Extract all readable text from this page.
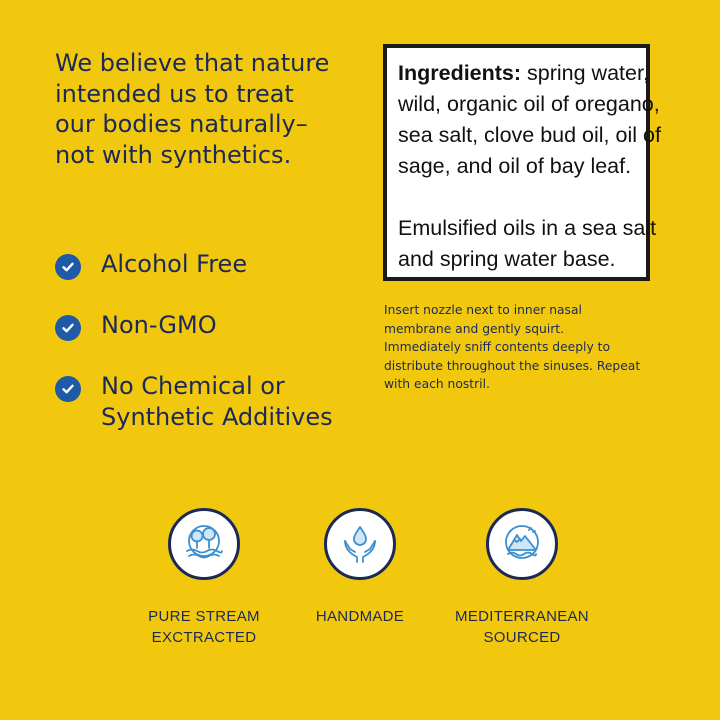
We believe that nature
intended us to treat
our bodies naturally–
not with synthetics.
Alcohol Free
Non-GMO
No Chemical or
Synthetic Additives
Ingredients: spring water,
wild, organic oil of oregano,
sea salt, clove bud oil, oil of
sage, and oil of bay leaf.
Emulsified oils in a sea salt
and spring water base.
Insert nozzle next to inner nasal
membrane and gently squirt.
Immediately sniff contents deeply to
distribute throughout the sinuses. Repeat
with each nostril.
PURE STREAM
EXCTRACTED
HANDMADE	MEDITERRANEAN
SOURCED
